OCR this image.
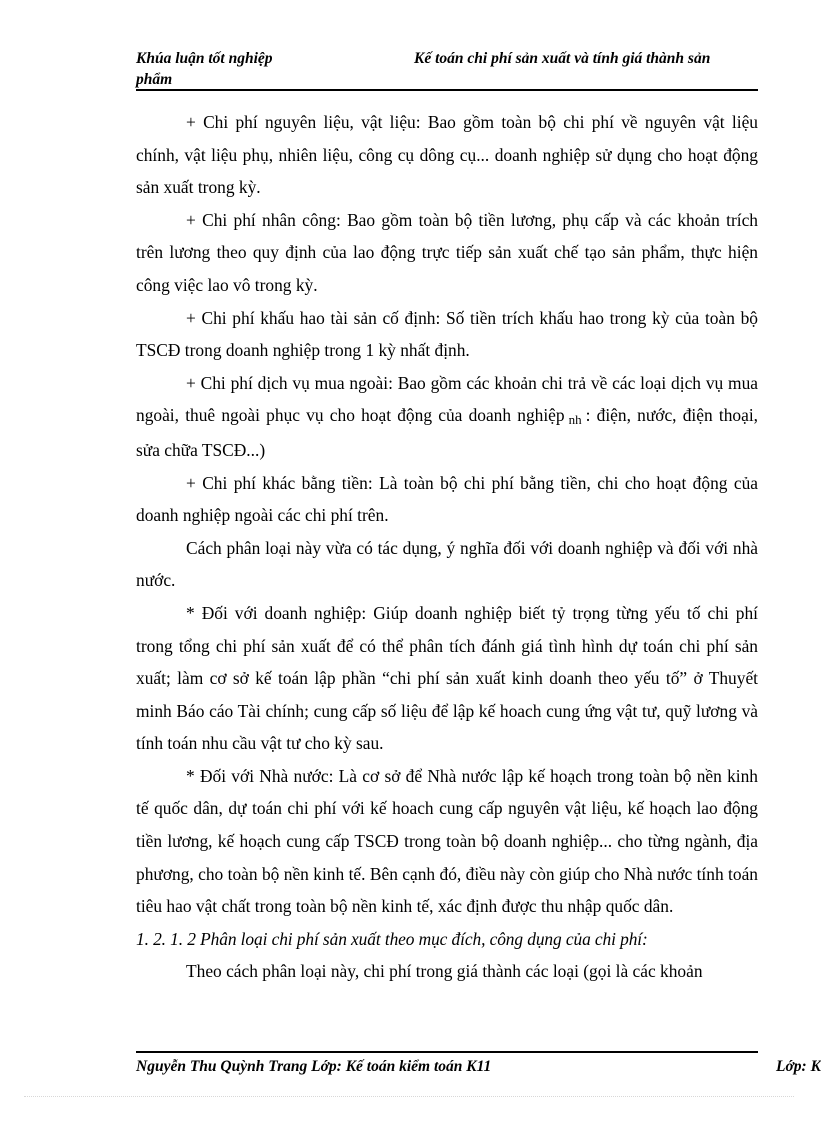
Khúa luận tốt nghiệp
phẩm
Kế toán chi phí sản xuất và tính giá thành sản

+ Chi phí nguyên liệu, vật liệu: Bao gồm toàn bộ chi phí về nguyên vật liệu chính, vật liệu phụ, nhiên liệu, công cụ dông cụ... doanh nghiệp sử dụng cho hoạt động sản xuất trong kỳ.

+ Chi phí nhân công: Bao gồm toàn bộ tiền lương, phụ cấp và các khoản trích trên lương theo quy định của lao động trực tiếp sản xuất chế tạo sản phẩm, thực hiện công việc lao vô trong kỳ.

+ Chi phí khấu hao tài sản cố định: Số tiền trích khấu hao trong kỳ của toàn bộ TSCĐ trong doanh nghiệp trong 1 kỳ nhất định.

+ Chi phí dịch vụ mua ngoài: Bao gồm các khoản chi trả về các loại dịch vụ mua ngoài, thuê ngoài phục vụ cho hoạt động của doanh nghiệp nh : điện, nước, điện thoại, sửa chữa TSCĐ...)

+ Chi phí khác bằng tiền: Là toàn bộ chi phí bằng tiền, chi cho hoạt động của doanh nghiệp ngoài các chi phí trên.

Cách phân loại này vừa có tác dụng, ý nghĩa đối với doanh nghiệp và đối với nhà nước.

* Đối với doanh nghiệp: Giúp doanh nghiệp biết tỷ trọng từng yếu tố chi phí trong tổng chi phí sản xuất để có thể phân tích đánh giá tình hình dự toán chi phí sản xuất; làm cơ sở kế toán lập phần “chi phí sản xuất kinh doanh theo yếu tố” ở Thuyết minh Báo cáo Tài chính; cung cấp số liệu để lập kế hoach cung ứng vật tư, quỹ lương và tính toán nhu cầu vật tư cho kỳ sau.

* Đối với Nhà nước: Là cơ sở để Nhà nước lập kế hoạch trong toàn bộ nền kinh tế quốc dân, dự toán chi phí với kế hoach cung cấp nguyên vật liệu, kế hoạch lao động tiền lương, kế hoạch cung cấp TSCĐ trong toàn bộ doanh nghiệp... cho từng ngành, địa phương, cho toàn bộ nền kinh tế. Bên cạnh đó, điều này còn giúp cho Nhà nước tính toán tiêu hao vật chất trong toàn bộ nền kinh tế, xác định được thu nhập quốc dân.

1. 2. 1. 2 Phân loại chi phí sản xuất theo mục đích, công dụng của chi phí:

Theo cách phân loại này, chi phí trong giá thành các loại (gọi là các khoản

Nguyễn Thu Quỳnh Trang Lớp: Kế toán kiểm toán K11	Lớp: K
